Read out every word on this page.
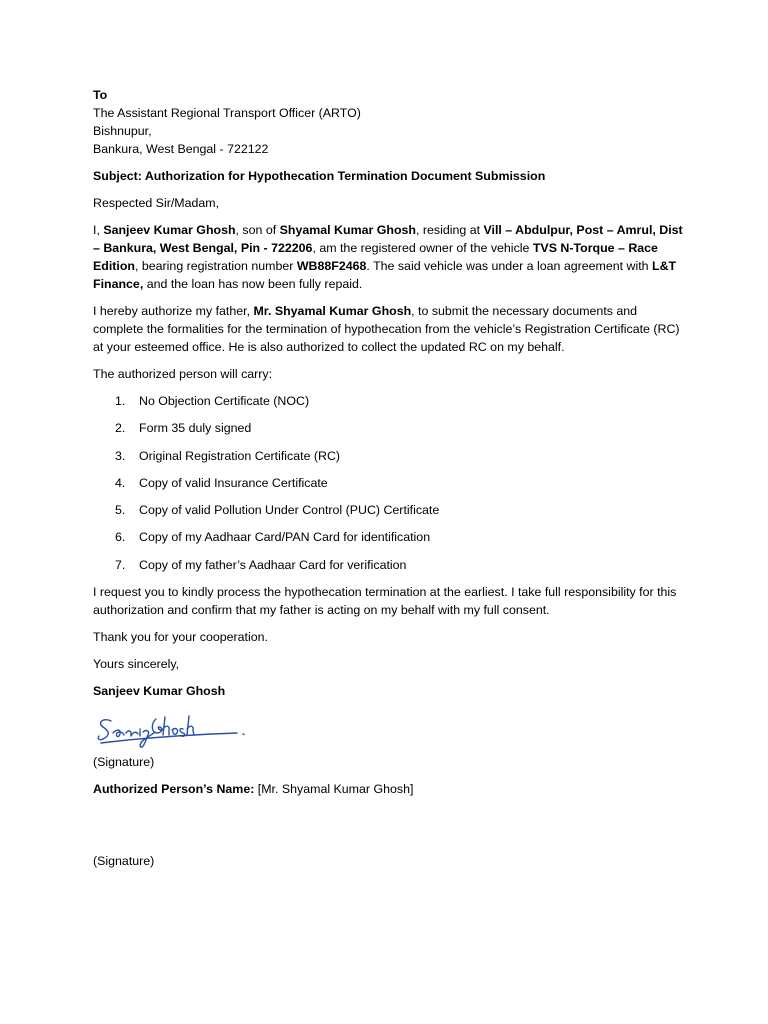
To
The Assistant Regional Transport Officer (ARTO)
Bishnupur,
Bankura, West Bengal - 722122

Subject: Authorization for Hypothecation Termination Document Submission

Respected Sir/Madam,

I, Sanjeev Kumar Ghosh, son of Shyamal Kumar Ghosh, residing at Vill – Abdulpur, Post – Amrul, Dist – Bankura, West Bengal, Pin - 722206, am the registered owner of the vehicle TVS N-Torque – Race Edition, bearing registration number WB88F2468. The said vehicle was under a loan agreement with L&T Finance, and the loan has now been fully repaid.

I hereby authorize my father, Mr. Shyamal Kumar Ghosh, to submit the necessary documents and complete the formalities for the termination of hypothecation from the vehicle’s Registration Certificate (RC) at your esteemed office. He is also authorized to collect the updated RC on my behalf.

The authorized person will carry:

1. No Objection Certificate (NOC)
2. Form 35 duly signed
3. Original Registration Certificate (RC)
4. Copy of valid Insurance Certificate
5. Copy of valid Pollution Under Control (PUC) Certificate
6. Copy of my Aadhaar Card/PAN Card for identification
7. Copy of my father’s Aadhaar Card for verification

I request you to kindly process the hypothecation termination at the earliest. I take full responsibility for this authorization and confirm that my father is acting on my behalf with my full consent.

Thank you for your cooperation.

Yours sincerely,

Sanjeev Kumar Ghosh

(Signature)

Authorized Person’s Name: [Mr. Shyamal Kumar Ghosh]

(Signature)
